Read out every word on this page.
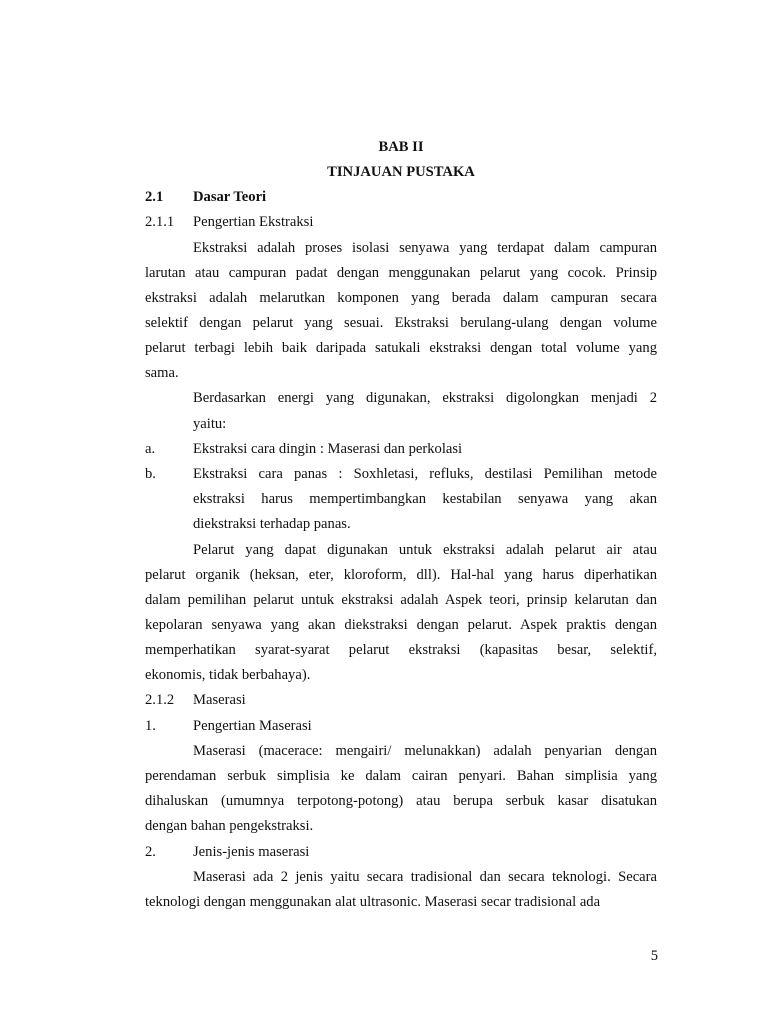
BAB II
TINJAUAN PUSTAKA
2.1 Dasar Teori
2.1.1 Pengertian Ekstraksi
Ekstraksi adalah proses isolasi senyawa yang terdapat dalam campuran
larutan atau campuran padat dengan menggunakan pelarut yang cocok. Prinsip
ekstraksi adalah melarutkan komponen yang berada dalam campuran secara
selektif dengan pelarut yang sesuai. Ekstraksi berulang-ulang dengan volume
pelarut terbagi lebih baik daripada satukali ekstraksi dengan total volume yang
sama.
Berdasarkan energi yang digunakan, ekstraksi digolongkan menjadi 2
yaitu:
a.	Ekstraksi cara dingin : Maserasi dan perkolasi
b.	Ekstraksi cara panas : Soxhletasi, refluks, destilasi Pemilihan metode
ekstraksi harus mempertimbangkan kestabilan senyawa yang akan
diekstraksi terhadap panas.
Pelarut yang dapat digunakan untuk ekstraksi adalah pelarut air atau
pelarut organik (heksan, eter, kloroform, dll). Hal-hal yang harus diperhatikan
dalam pemilihan pelarut untuk ekstraksi adalah Aspek teori, prinsip kelarutan dan
kepolaran senyawa yang akan diekstraksi dengan pelarut. Aspek praktis dengan
memperhatikan syarat-syarat pelarut ekstraksi (kapasitas besar, selektif,
ekonomis, tidak berbahaya).
2.1.2 Maserasi
1.	Pengertian Maserasi
Maserasi (macerace: mengairi/ melunakkan) adalah penyarian dengan
perendaman serbuk simplisia ke dalam cairan penyari. Bahan simplisia yang
dihaluskan (umumnya terpotong-potong) atau berupa serbuk kasar disatukan
dengan bahan pengekstraksi.
2.	Jenis-jenis maserasi
Maserasi ada 2 jenis yaitu secara tradisional dan secara teknologi. Secara
teknologi dengan menggunakan alat ultrasonic. Maserasi secar tradisional ada
5
